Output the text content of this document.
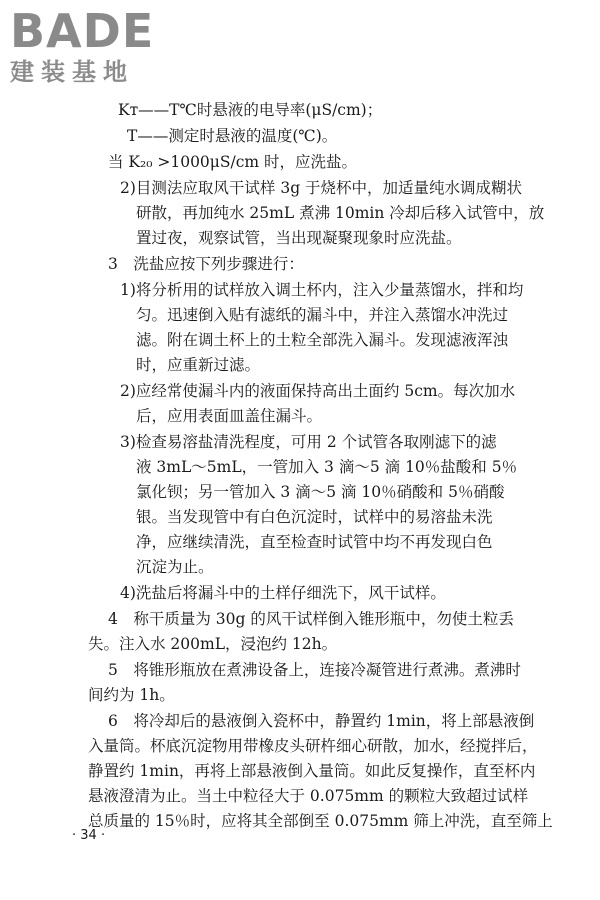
BADE
建装基地
Kт——T℃时悬液的电导率(μS/cm)；
T——测定时悬液的温度(℃)。
当 K₂₀ >1000μS/cm 时，应洗盐。
2)目测法应取风干试样 3g 于烧杯中，加适量纯水调成糊状
研散，再加纯水 25mL 煮沸 10min 冷却后移入试管中，放
置过夜，观察试管，当出现凝聚现象时应洗盐。
3　洗盐应按下列步骤进行：
1)将分析用的试样放入调土杯内，注入少量蒸馏水，拌和均
匀。迅速倒入贴有滤纸的漏斗中，并注入蒸馏水冲洗过
滤。附在调土杯上的土粒全部洗入漏斗。发现滤液浑浊
时，应重新过滤。
2)应经常使漏斗内的液面保持高出土面约 5cm。每次加水
后，应用表面皿盖住漏斗。
3)检查易溶盐清洗程度，可用 2 个试管各取刚滤下的滤
液 3mL～5mL，一管加入 3 滴～5 滴 10％盐酸和 5％
氯化钡；另一管加入 3 滴～5 滴 10％硝酸和 5％硝酸
银。当发现管中有白色沉淀时，试样中的易溶盐未洗
净，应继续清洗，直至检查时试管中均不再发现白色
沉淀为止。
4)洗盐后将漏斗中的土样仔细洗下，风干试样。
4　称干质量为 30g 的风干试样倒入锥形瓶中，勿使土粒丢
失。注入水 200mL，浸泡约 12h。
5　将锥形瓶放在煮沸设备上，连接冷凝管进行煮沸。煮沸时
间约为 1h。
6　将冷却后的悬液倒入瓷杯中，静置约 1min，将上部悬液倒
入量筒。杯底沉淀物用带橡皮头研杵细心研散，加水，经搅拌后，
静置约 1min，再将上部悬液倒入量筒。如此反复操作，直至杯内
悬液澄清为止。当土中粒径大于 0.075mm 的颗粒大致超过试样
总质量的 15％时，应将其全部倒至 0.075mm 筛上冲洗，直至筛上
· 34 ·
